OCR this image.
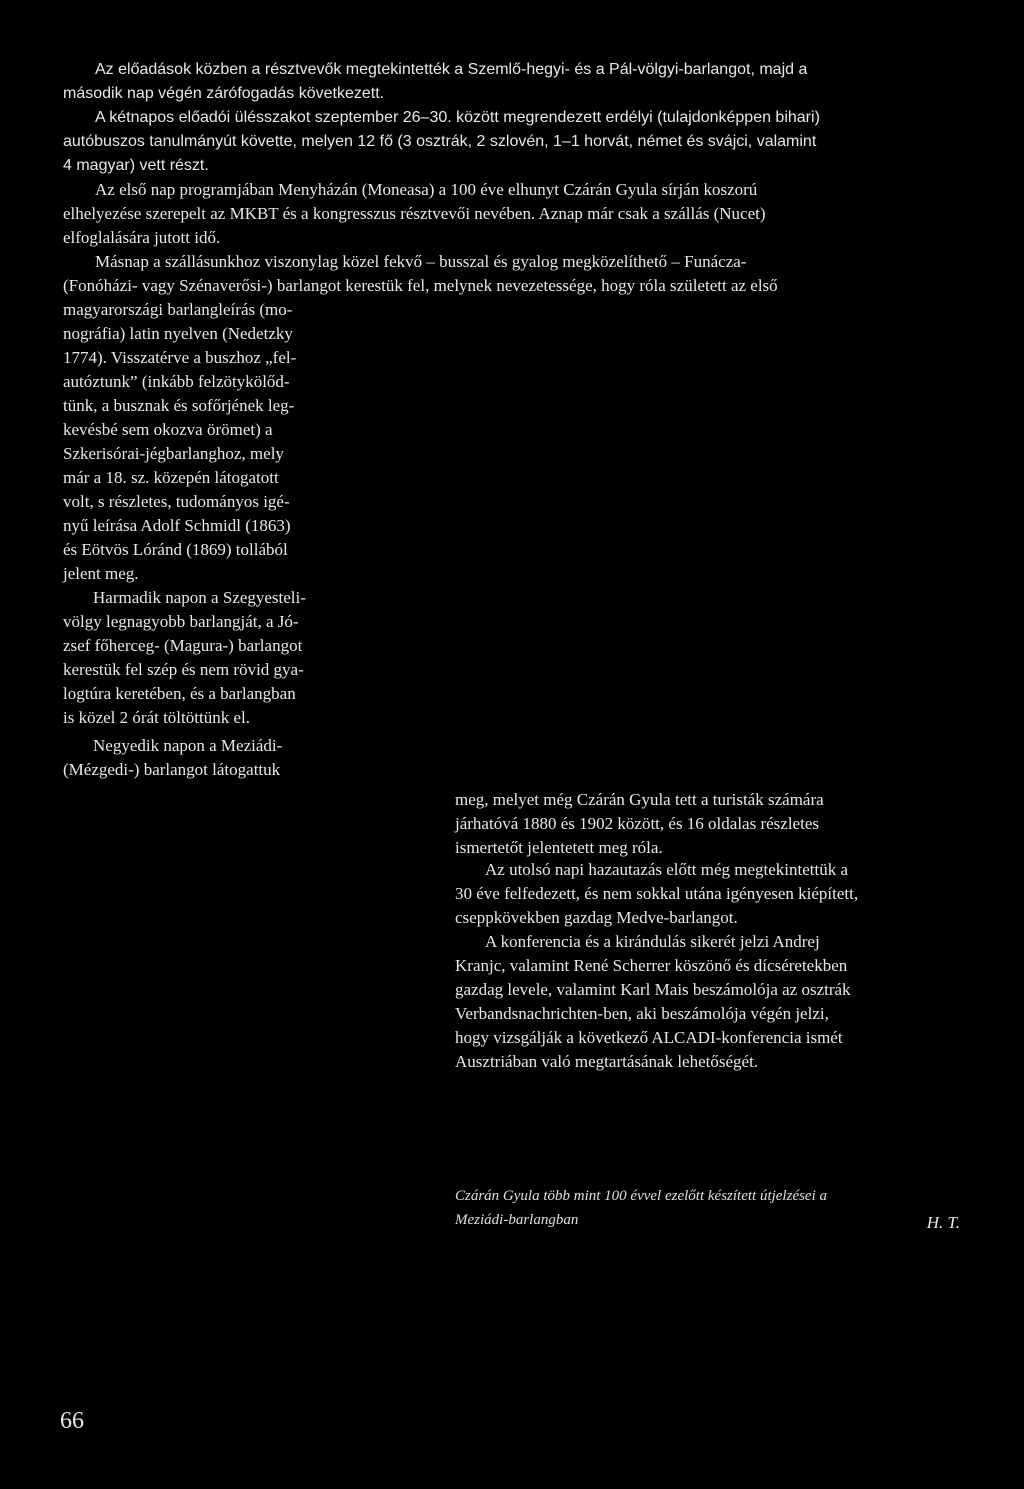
Az előadások közben a résztvevők megtekintették a Szemlő-hegyi- és a Pál-völgyi-barlangot, majd a

második nap végén zárófogadás következett.

A kétnapos előadói ülésszakot szeptember 26–30. között megrendezett erdélyi (tulajdonképpen bihari)

autóbuszos tanulmányút követte, melyen 12 fő (3 osztrák, 2 szlovén, 1–1 horvát, német és svájci, valamint

4 magyar) vett részt.

Az első nap programjában Menyházán (Moneasa) a 100 éve elhunyt Czárán Gyula sírján koszorú

elhelyezése szerepelt az MKBT és a kongresszus résztvevői nevében. Aznap már csak a szállás (Nucet)

elfoglalására jutott idő.

Másnap a szállásunkhoz viszonylag közel fekvő – busszal és gyalog megközelíthető – Funácza-

(Fonóházi- vagy Szénaverősi-) barlangot kerestük fel, melynek nevezetessége, hogy róla született az első

magyarországi barlangleírás (mo-

nográfia) latin nyelven (Nedetzky

1774). Visszatérve a buszhoz „fel-

autóztunk” (inkább felzötykölőd-

tünk, a busznak és sofőrjének leg-

kevésbé sem okozva örömet) a

Szkerisórai-jégbarlanghoz, mely

már a 18. sz. közepén látogatott

volt, s részletes, tudományos igé-

nyű leírása Adolf Schmidl (1863)

és Eötvös Lóránd (1869) tollából

jelent meg.

Harmadik napon a Szegyesteli-

völgy legnagyobb barlangját, a Jó-

zsef főherceg- (Magura-) barlangot

kerestük fel szép és nem rövid gya-

logtúra keretében, és a barlangban

is közel 2 órát töltöttünk el.

Negyedik napon a Meziádi-

(Mézgedi-) barlangot látogattuk

meg, melyet még Czárán Gyula tett a turisták számára

járhatóvá 1880 és 1902 között, és 16 oldalas részletes

ismertetőt jelentetett meg róla.

Az utolsó napi hazautazás előtt még megtekintettük a

30 éve felfedezett, és nem sokkal utána igényesen kiépített,

cseppkövekben gazdag Medve-barlangot.

A konferencia és a kirándulás sikerét jelzi Andrej

Kranjc, valamint René Scherrer köszönő és dícséretekben

gazdag levele, valamint Karl Mais beszámolója az osztrák

Verbandsnachrichten-ben, aki beszámolója végén jelzi,

hogy vizsgálják a következő ALCADI-konferencia ismét

Ausztriában való megtartásának lehetőségét.

Czárán Gyula több mint 100 évvel ezelőtt készített útjelzései a
Meziádi-barlangban	H. T.
66
